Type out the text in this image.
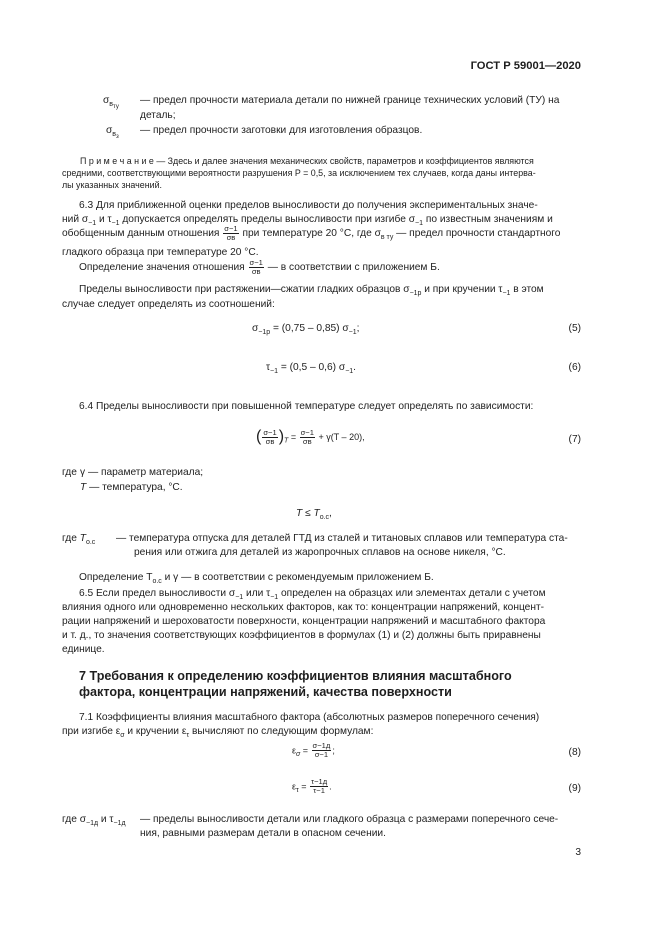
ГОСТ Р 59001—2020
$\sigma_{вту}$
— предел прочности материала детали по нижней границе технических условий (ТУ) на
деталь;
$\sigma_{вз}$
— предел прочности заготовки для изготовления образцов.
П р и м е ч а н и е — Здесь и далее значения механических свойств, параметров и коэффициентов являются
средними, соответствующими вероятности разрушения P = 0,5, за исключением тех случаев, когда даны интерва-
лы указанных значений.
6.3 Для приближенной оценки пределов выносливости до получения экспериментальных значе-
ний $\sigma_{-1}$ и $\tau_{-1}$ допускается определять пределы выносливости при изгибе $\sigma_{-1}$ по известным значениям и
обобщенным данным отношения $\frac{\sigma-1}{\sigma в}$ при температуре 20 °С, где $\sigma_{в ту}$ — предел прочности стандартного
гладкого образца при температуре 20 °С.
Определение значения отношения $\frac{\sigma-1}{\sigma в}$ — в соответствии с приложением Б.
Пределы выносливости при растяжении—сжатии гладких образцов $\sigma_{-1р}$ и при кручении $\tau_{-1}$ в этом
случае следует определять из соотношений:
$\sigma_{-1р} = (0,75 - 0,85)$ $\sigma_{-1}$;	(5)
$\tau_{-1} = (0,5 - 0,6)$ $\sigma_{-1}$.	(6)
6.4 Пределы выносливости при повышенной температуре следует определять по зависимости:
( $\frac{\sigma-1}{\sigma в} )_T = \frac{\sigma-1}{\sigma в} + \gamma(T - 20)$,	(7)
где γ — параметр материала;
T — температура, °С.
$T \le T_{о.с}$,
где $T_{о.с}$ — температура отпуска для деталей ГТД из сталей и титановых сплавов или температура ста-
рения или отжига для деталей из жаропрочных сплавов на основе никеля, °С.
Определение $T_{о.с}$ и γ — в соответствии с рекомендуемым приложением Б.
6.5 Если предел выносливости $\sigma_{-1}$ или $\tau_{-1}$ определен на образцах или элементах детали с учетом
влияния одного или одновременно нескольких факторов, как то: концентрации напряжений, концент-
рации напряжений и шероховатости поверхности, концентрации напряжений и масштабного фактора
и т. д., то значения соответствующих коэффициентов в формулах (1) и (2) должны быть приравнены
единице.
7 Требования к определению коэффициентов влияния масштабного
фактора, концентрации напряжений, качества поверхности
7.1 Коэффициенты влияния масштабного фактора (абсолютных размеров поперечного сечения)
при изгибе $\varepsilon_\sigma$ и кручении $\varepsilon_\tau$ вычисляют по следующим формулам:
$\varepsilon_\sigma = \frac{\sigma-1д}{\sigma-1}$ ;	(8)
$\varepsilon_\tau = \frac{\tau-1д}{\tau-1}$ .	(9)
где $\sigma_{-1д}$ и $\tau_{-1д}$ — пределы выносливости детали или гладкого образца с размерами поперечного сече-
ния, равными размерам детали в опасном сечении.
3
